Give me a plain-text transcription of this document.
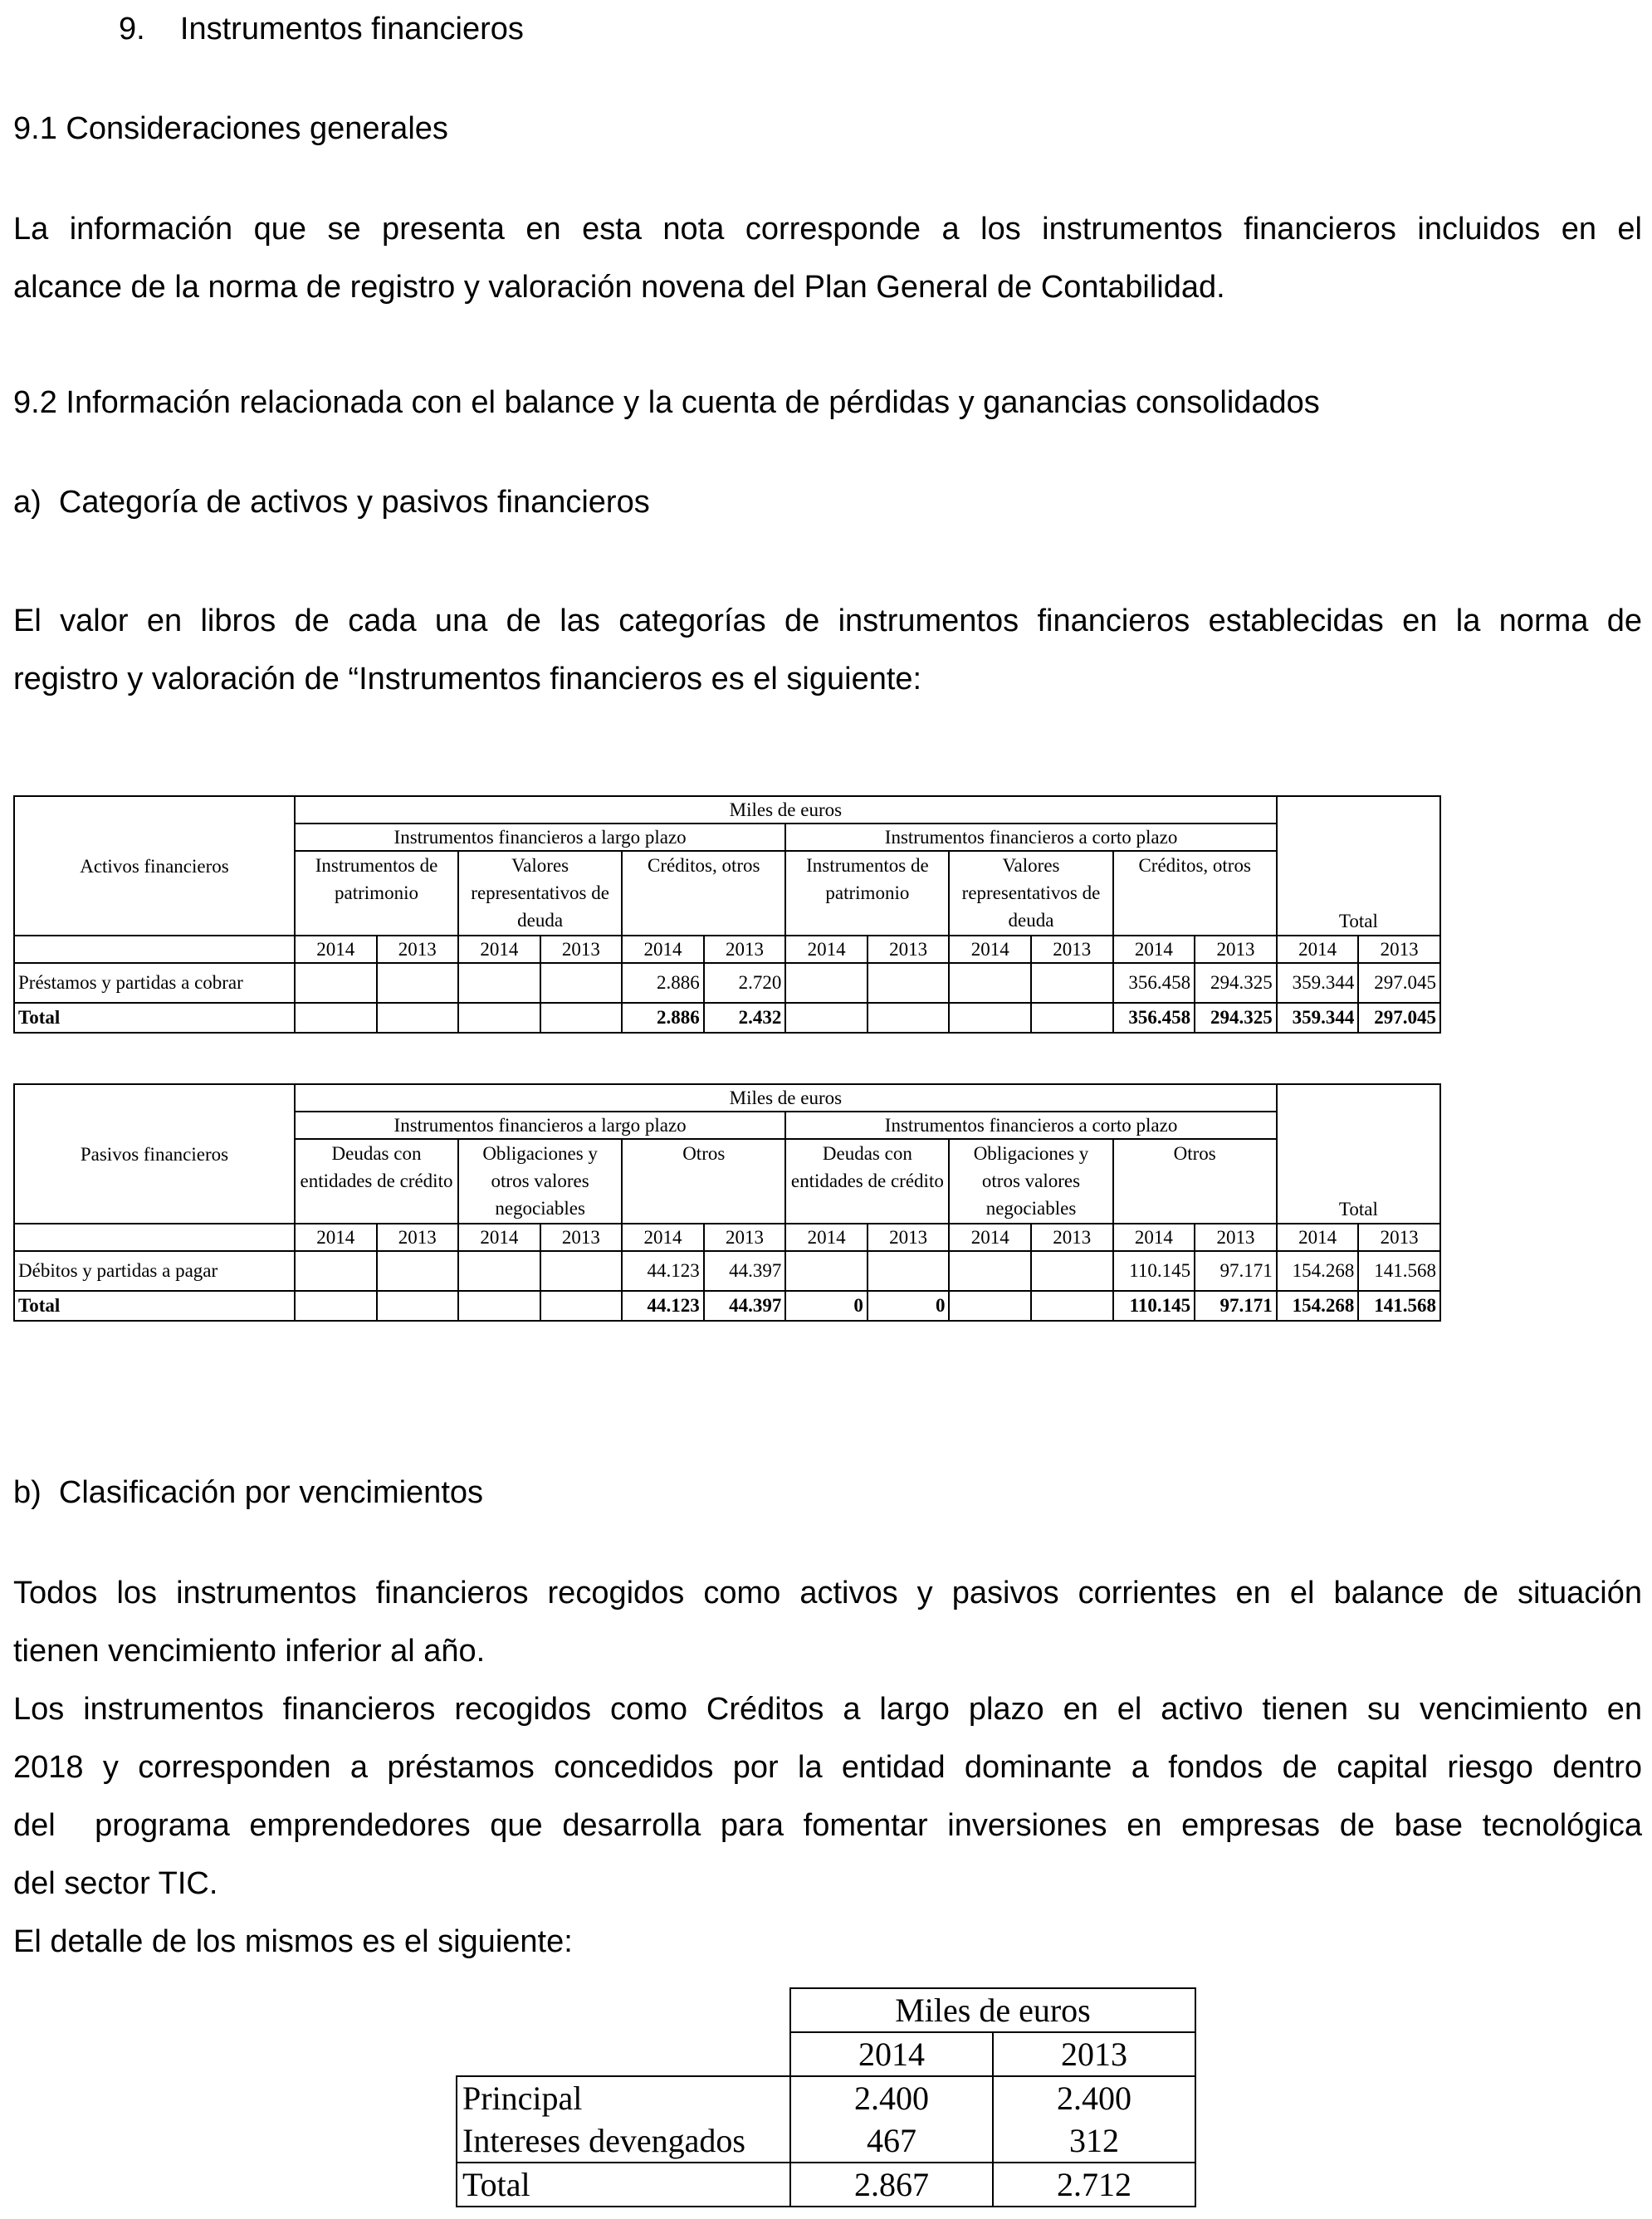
9.    Instrumentos financieros
9.1 Consideraciones generales
La información que se presenta en esta nota corresponde a los instrumentos financieros incluidos en el
alcance de la norma de registro y valoración novena del Plan General de Contabilidad.
9.2 Información relacionada con el balance y la cuenta de pérdidas y ganancias consolidados
a)  Categoría de activos y pasivos financieros
El valor en libros de cada una de las categorías de instrumentos financieros establecidas en la norma de
registro y valoración de “Instrumentos financieros es el siguiente:
Activos financieros	Miles de euros												Total	
	Instrumentos financieros a largo plazo						Instrumentos financieros a corto plazo							
	Instrumentos de patrimonio		Valores representativos de deuda		Créditos, otros		Instrumentos de patrimonio		Valores representativos de deuda		Créditos, otros			

	2014	2013	2014	2013	2014	2013	2014	2013	2014	2013	2014	2013	2014	2013
Préstamos y partidas a cobrar					2.886	2.720					356.458	294.325	359.344	297.045
Total					2.886	2.432					356.458	294.325	359.344	297.045
Pasivos financieros	Miles de euros												Total	
	Instrumentos financieros a largo plazo						Instrumentos financieros a corto plazo							
	Deudas con entidades de crédito		Obligaciones y otros valores negociables		Otros		Deudas con entidades de crédito		Obligaciones y otros valores negociables		Otros			

	2014	2013	2014	2013	2014	2013	2014	2013	2014	2013	2014	2013	2014	2013
Débitos y partidas a pagar					44.123	44.397					110.145	97.171	154.268	141.568
Total					44.123	44.397	0	0			110.145	97.171	154.268	141.568
b)  Clasificación por vencimientos
Todos los instrumentos financieros recogidos como activos y pasivos corrientes en el balance de situación
tienen vencimiento inferior al año.
Los instrumentos financieros recogidos como Créditos a largo plazo en el activo tienen su vencimiento en
2018 y corresponden a préstamos concedidos por la entidad dominante a fondos de capital riesgo dentro
del  programa emprendedores que desarrolla para fomentar inversiones en empresas de base tecnológica
del sector TIC.
El detalle de los mismos es el siguiente:
	Miles de euros	
	2014	2013
Principal	2.400	2.400
Intereses devengados	467	312
Total	2.867	2.712
